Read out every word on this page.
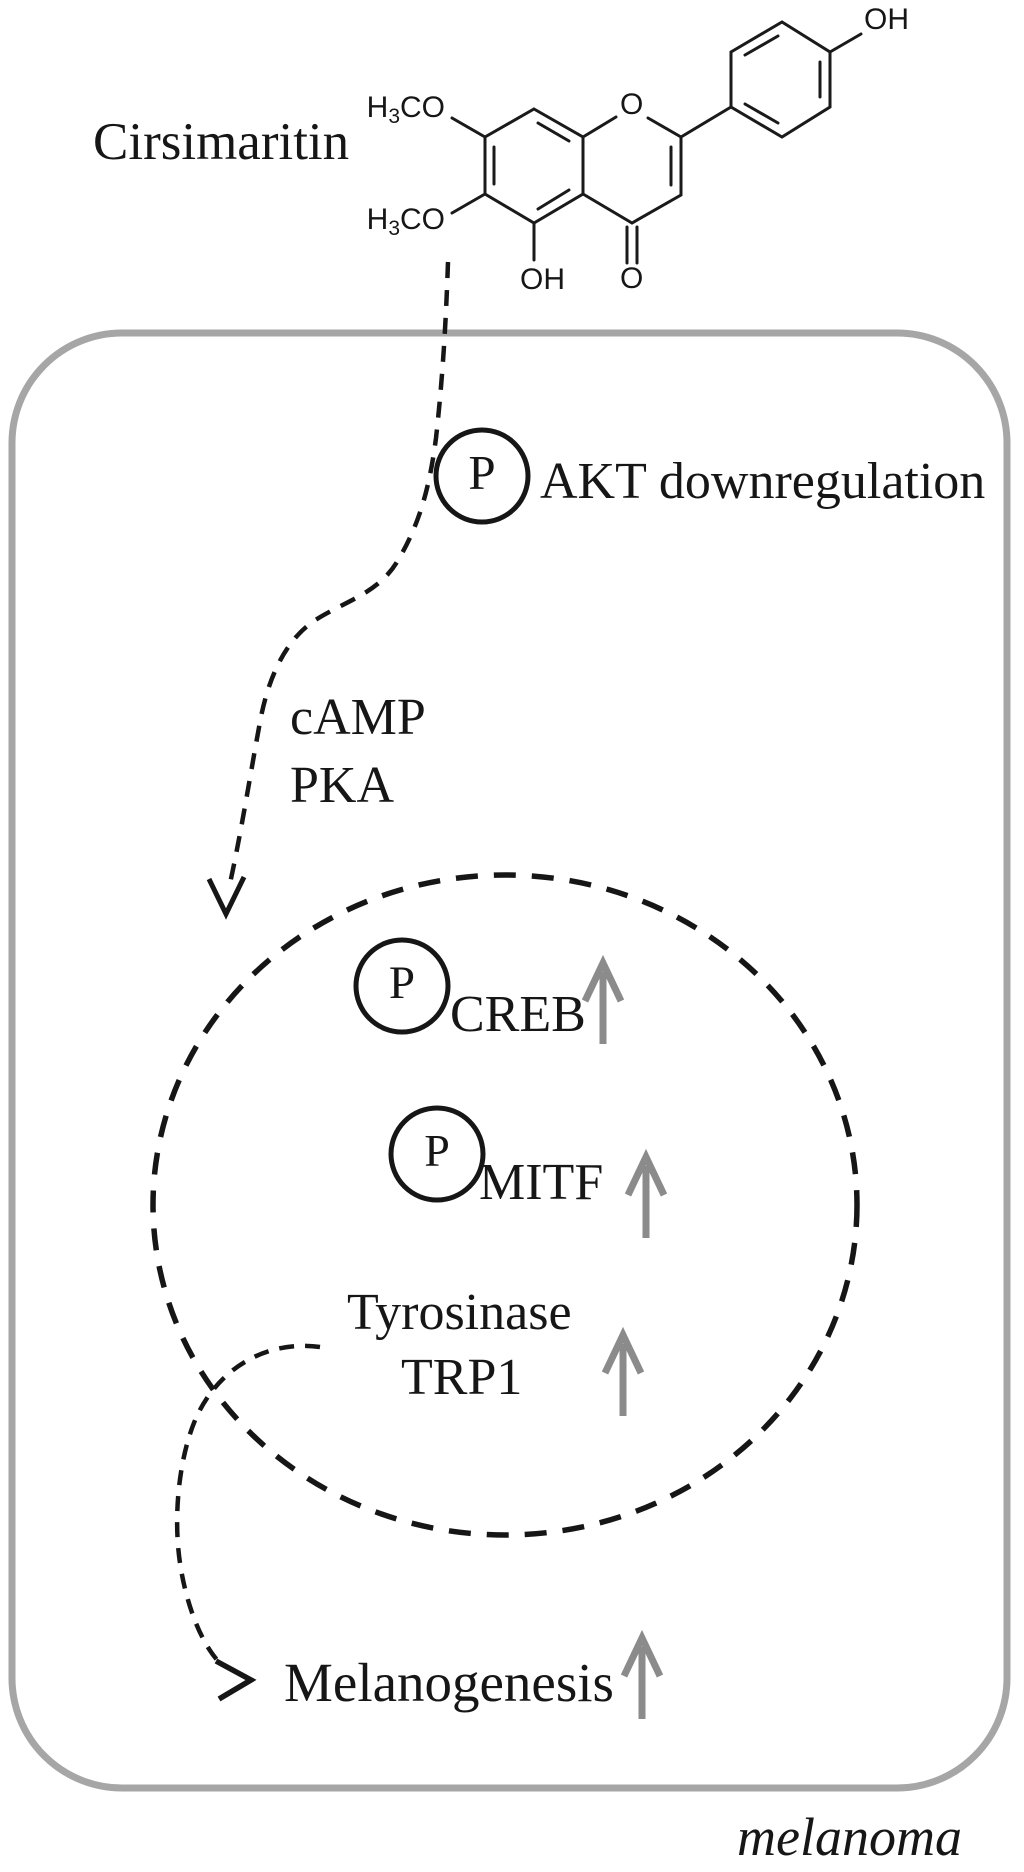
Cirsimaritin
$H_3CO$
$H_3CO$
OH O
O
OH
P AKT downregulation
cAMP
PKA
P
CREB
P
MITF
Tyrosinase
TRP1
Melanogenesis
melanoma
